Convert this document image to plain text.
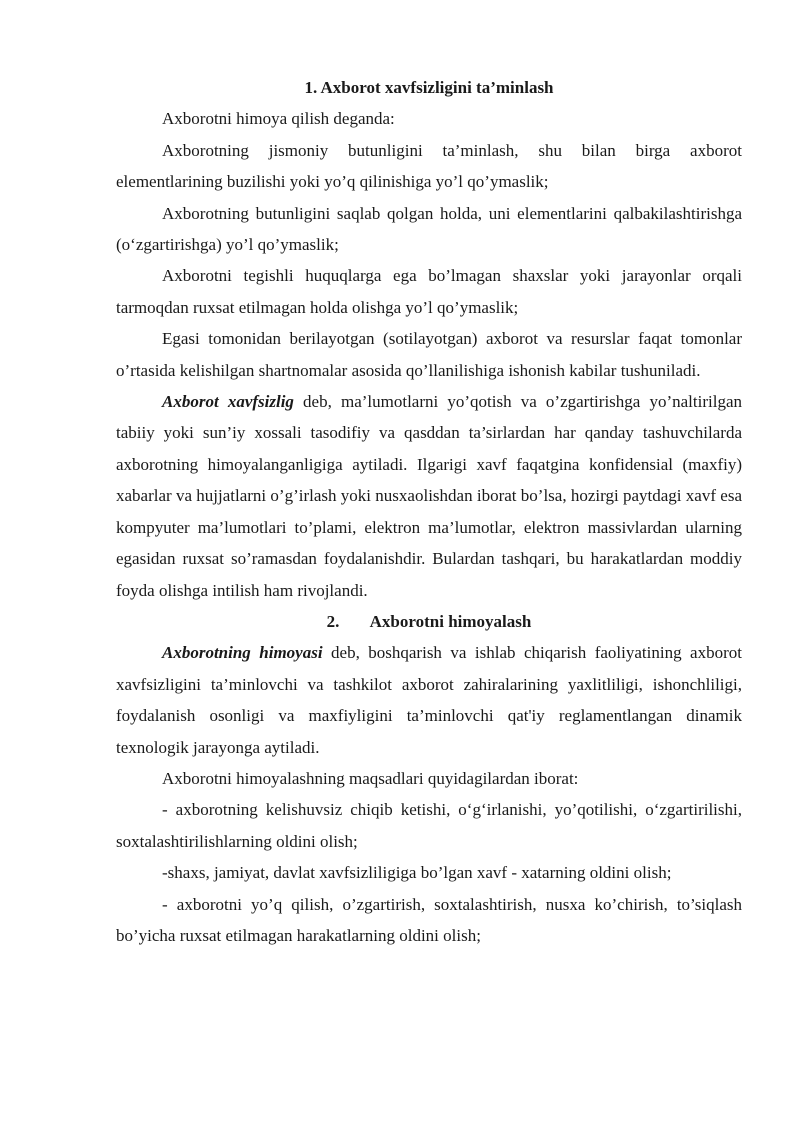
1. Axborot xavfsizligini ta’minlash

Axborotni himoya qilish deganda:

Axborotning jismoniy butunligini ta’minlash, shu bilan birga axborot elementlarining buzilishi yoki yo’q qilinishiga yo’l qo’ymaslik;

Axborotning butunligini saqlab qolgan holda, uni elementlarini qalbakilashtirishga (o‘zgartirishga) yo’l qo’ymaslik;

Axborotni tegishli huquqlarga ega bo’lmagan shaxslar yoki jarayonlar orqali tarmoqdan ruxsat etilmagan holda olishga yo’l qo’ymaslik;

Egasi tomonidan berilayotgan (sotilayotgan) axborot va resurslar faqat tomonlar o’rtasida kelishilgan shartnomalar asosida qo’llanilishiga ishonish kabilar tushuniladi.

Axborot xavfsizlig deb, ma’lumotlarni yo’qotish va o’zgartirishga yo’naltirilgan tabiiy yoki sun’iy xossali tasodifiy va qasddan ta’sirlardan har qanday tashuvchilarda axborotning himoyalanganligiga aytiladi. Ilgarigi xavf faqatgina konfidensial (maxfiy) xabarlar va hujjatlarni o’g’irlash yoki nusxaolishdan iborat bo’lsa, hozirgi paytdagi xavf esa kompyuter ma’lumotlari to’plami, elektron ma’lumotlar, elektron massivlardan ularning egasidan ruxsat so’ramasdan foydalanishdir. Bulardan tashqari, bu harakatlardan moddiy foyda olishga intilish ham rivojlandi.

2. Axborotni himoyalash

Axborotning himoyasi deb, boshqarish va ishlab chiqarish faoliyatining axborot xavfsizligini ta’minlovchi va tashkilot axborot zahiralarining yaxlitliligi, ishonchliligi, foydalanish osonligi va maxfiyligini ta’minlovchi qat'iy reglamentlangan dinamik texnologik jarayonga aytiladi.

Axborotni himoyalashning maqsadlari quyidagilardan iborat:

- axborotning kelishuvsiz chiqib ketishi, o‘g‘irlanishi, yo’qotilishi, o‘zgartirilishi, soxtalashtirilishlarning oldini olish;

-shaxs, jamiyat, davlat xavfsizliligiga bo’lgan xavf - xatarning oldini olish;

- axborotni yo’q qilish, o’zgartirish, soxtalashtirish, nusxa ko’chirish, to’siqlash bo’yicha ruxsat etilmagan harakatlarning oldini olish;
